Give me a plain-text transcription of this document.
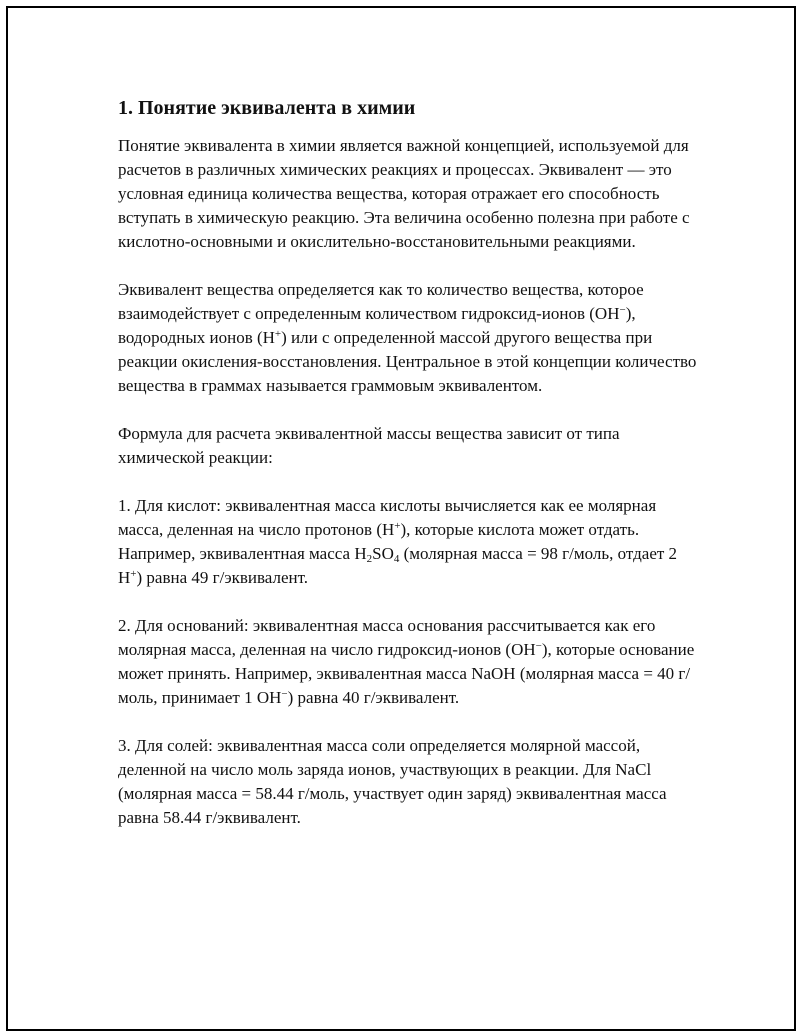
1. Понятие эквивалента в химии

Понятие эквивалента в химии является важной концепцией, используемой для расчетов в различных химических реакциях и процессах. Эквивалент — это условная единица количества вещества, которая отражает его способность вступать в химическую реакцию. Эта величина особенно полезна при работе с кислотно-основными и окислительно-восстановительными реакциями.

Эквивалент вещества определяется как то количество вещества, которое взаимодействует с определенным количеством гидроксид-ионов (OH−), водородных ионов (H+) или с определенной массой другого вещества при реакции окисления-восстановления. Центральное в этой концепции количество вещества в граммах называется граммовым эквивалентом.

Формула для расчета эквивалентной массы вещества зависит от типа химической реакции:

1. Для кислот: эквивалентная масса кислоты вычисляется как ее молярная масса, деленная на число протонов (H+), которые кислота может отдать. Например, эквивалентная масса $H_2SO_4$ (молярная масса = 98 г/моль, отдает 2 H+) равна 49 г/эквивалент.

2. Для оснований: эквивалентная масса основания рассчитывается как его молярная масса, деленная на число гидроксид-ионов (OH−), которые основание может принять. Например, эквивалентная масса NaOH (молярная масса = 40 г/моль, принимает 1 OH−) равна 40 г/эквивалент.

3. Для солей: эквивалентная масса соли определяется молярной массой, деленной на число моль заряда ионов, участвующих в реакции. Для NaCl (молярная масса = 58.44 г/моль, участвует один заряд) эквивалентная масса равна 58.44 г/эквивалент.
